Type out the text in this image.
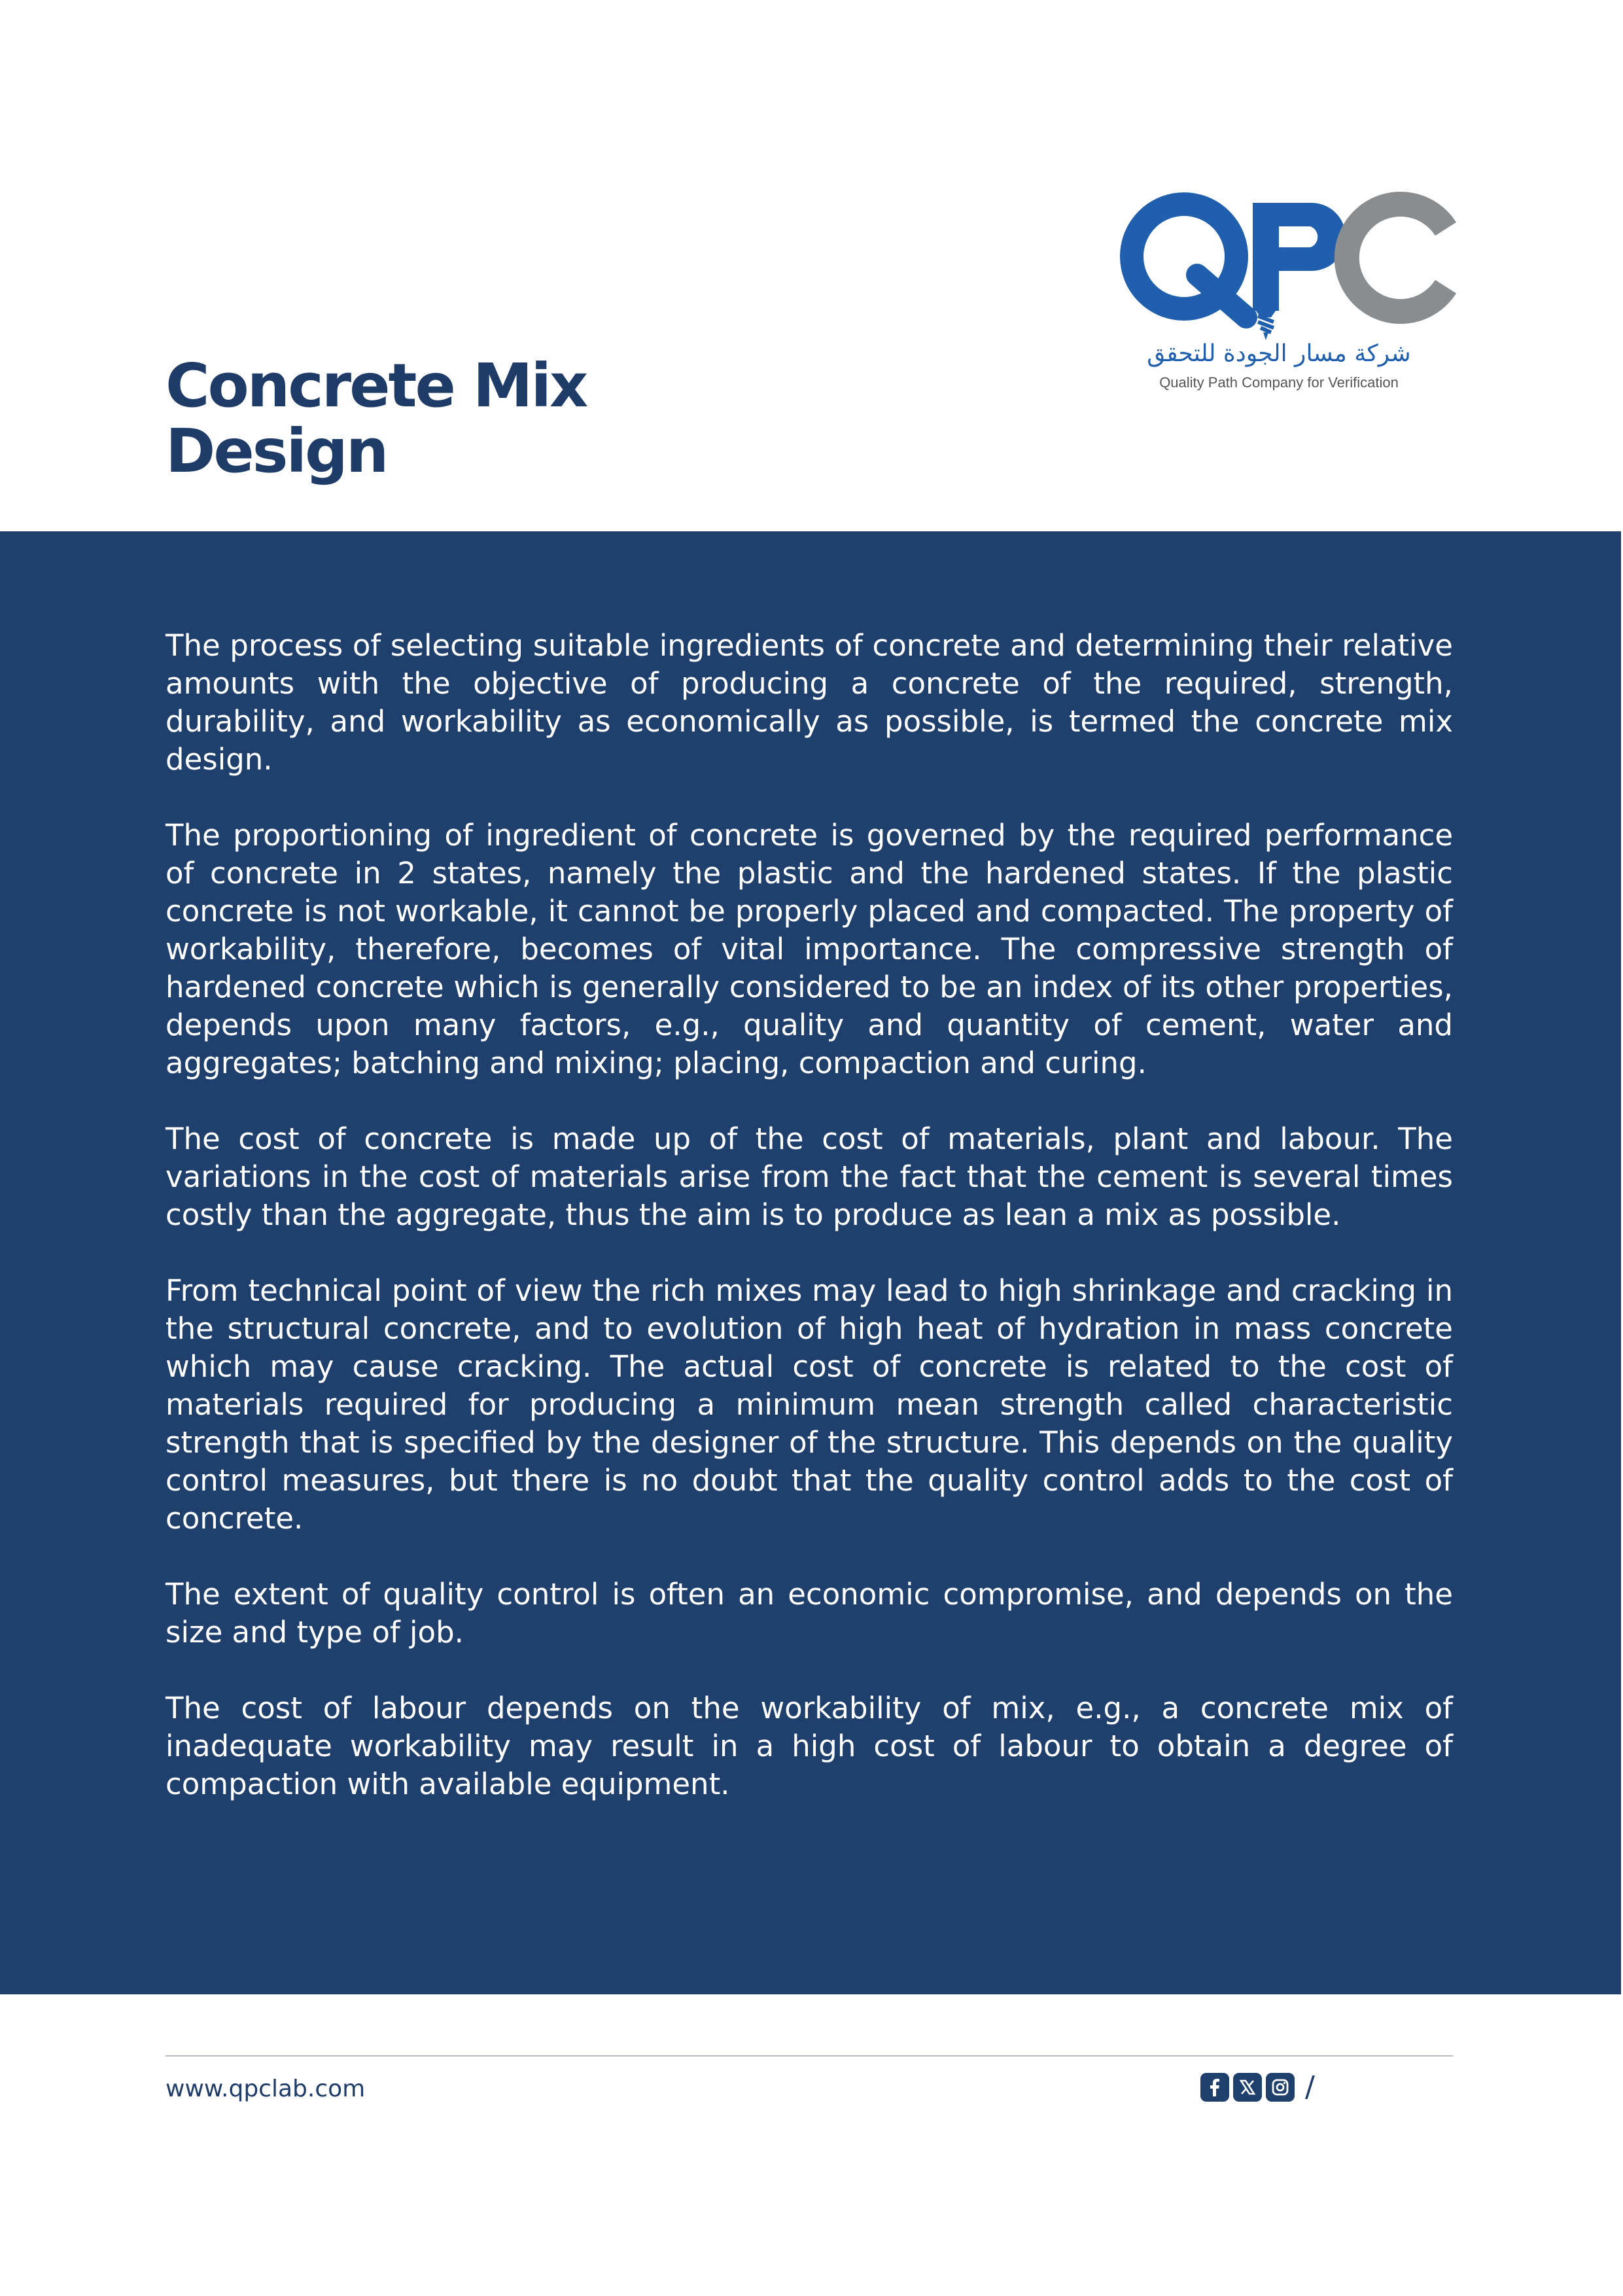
Concrete Mix
Design
شركة مسار الجودة للتحقق
Quality Path Company for Verification

The process of selecting suitable ingredients of concrete and determining their relative amounts with the objective of producing a concrete of the required, strength, durability, and workability as economically as possible, is termed the concrete mix design.

The proportioning of ingredient of concrete is governed by the required performance of concrete in 2 states, namely the plastic and the hardened states. If the plastic concrete is not workable, it cannot be properly placed and compacted. The property of workability, therefore, becomes of vital importance. The compressive strength of hardened concrete which is generally considered to be an index of its other properties, depends upon many factors, e.g., quality and quantity of cement, water and aggregates; batching and mixing; placing, compaction and curing.

The cost of concrete is made up of the cost of materials, plant and labour. The variations in the cost of materials arise from the fact that the cement is several times costly than the aggregate, thus the aim is to produce as lean a mix as possible.

From technical point of view the rich mixes may lead to high shrinkage and cracking in the structural concrete, and to evolution of high heat of hydration in mass concrete which may cause cracking. The actual cost of concrete is related to the cost of materials required for producing a minimum mean strength called characteristic strength that is specified by the designer of the structure. This depends on the quality control measures, but there is no doubt that the quality control adds to the cost of concrete.

The extent of quality control is often an economic compromise, and depends on the size and type of job.

The cost of labour depends on the workability of mix, e.g., a concrete mix of inadequate workability may result in a high cost of labour to obtain a degree of compaction with available equipment.

www.qpclab.com	/
